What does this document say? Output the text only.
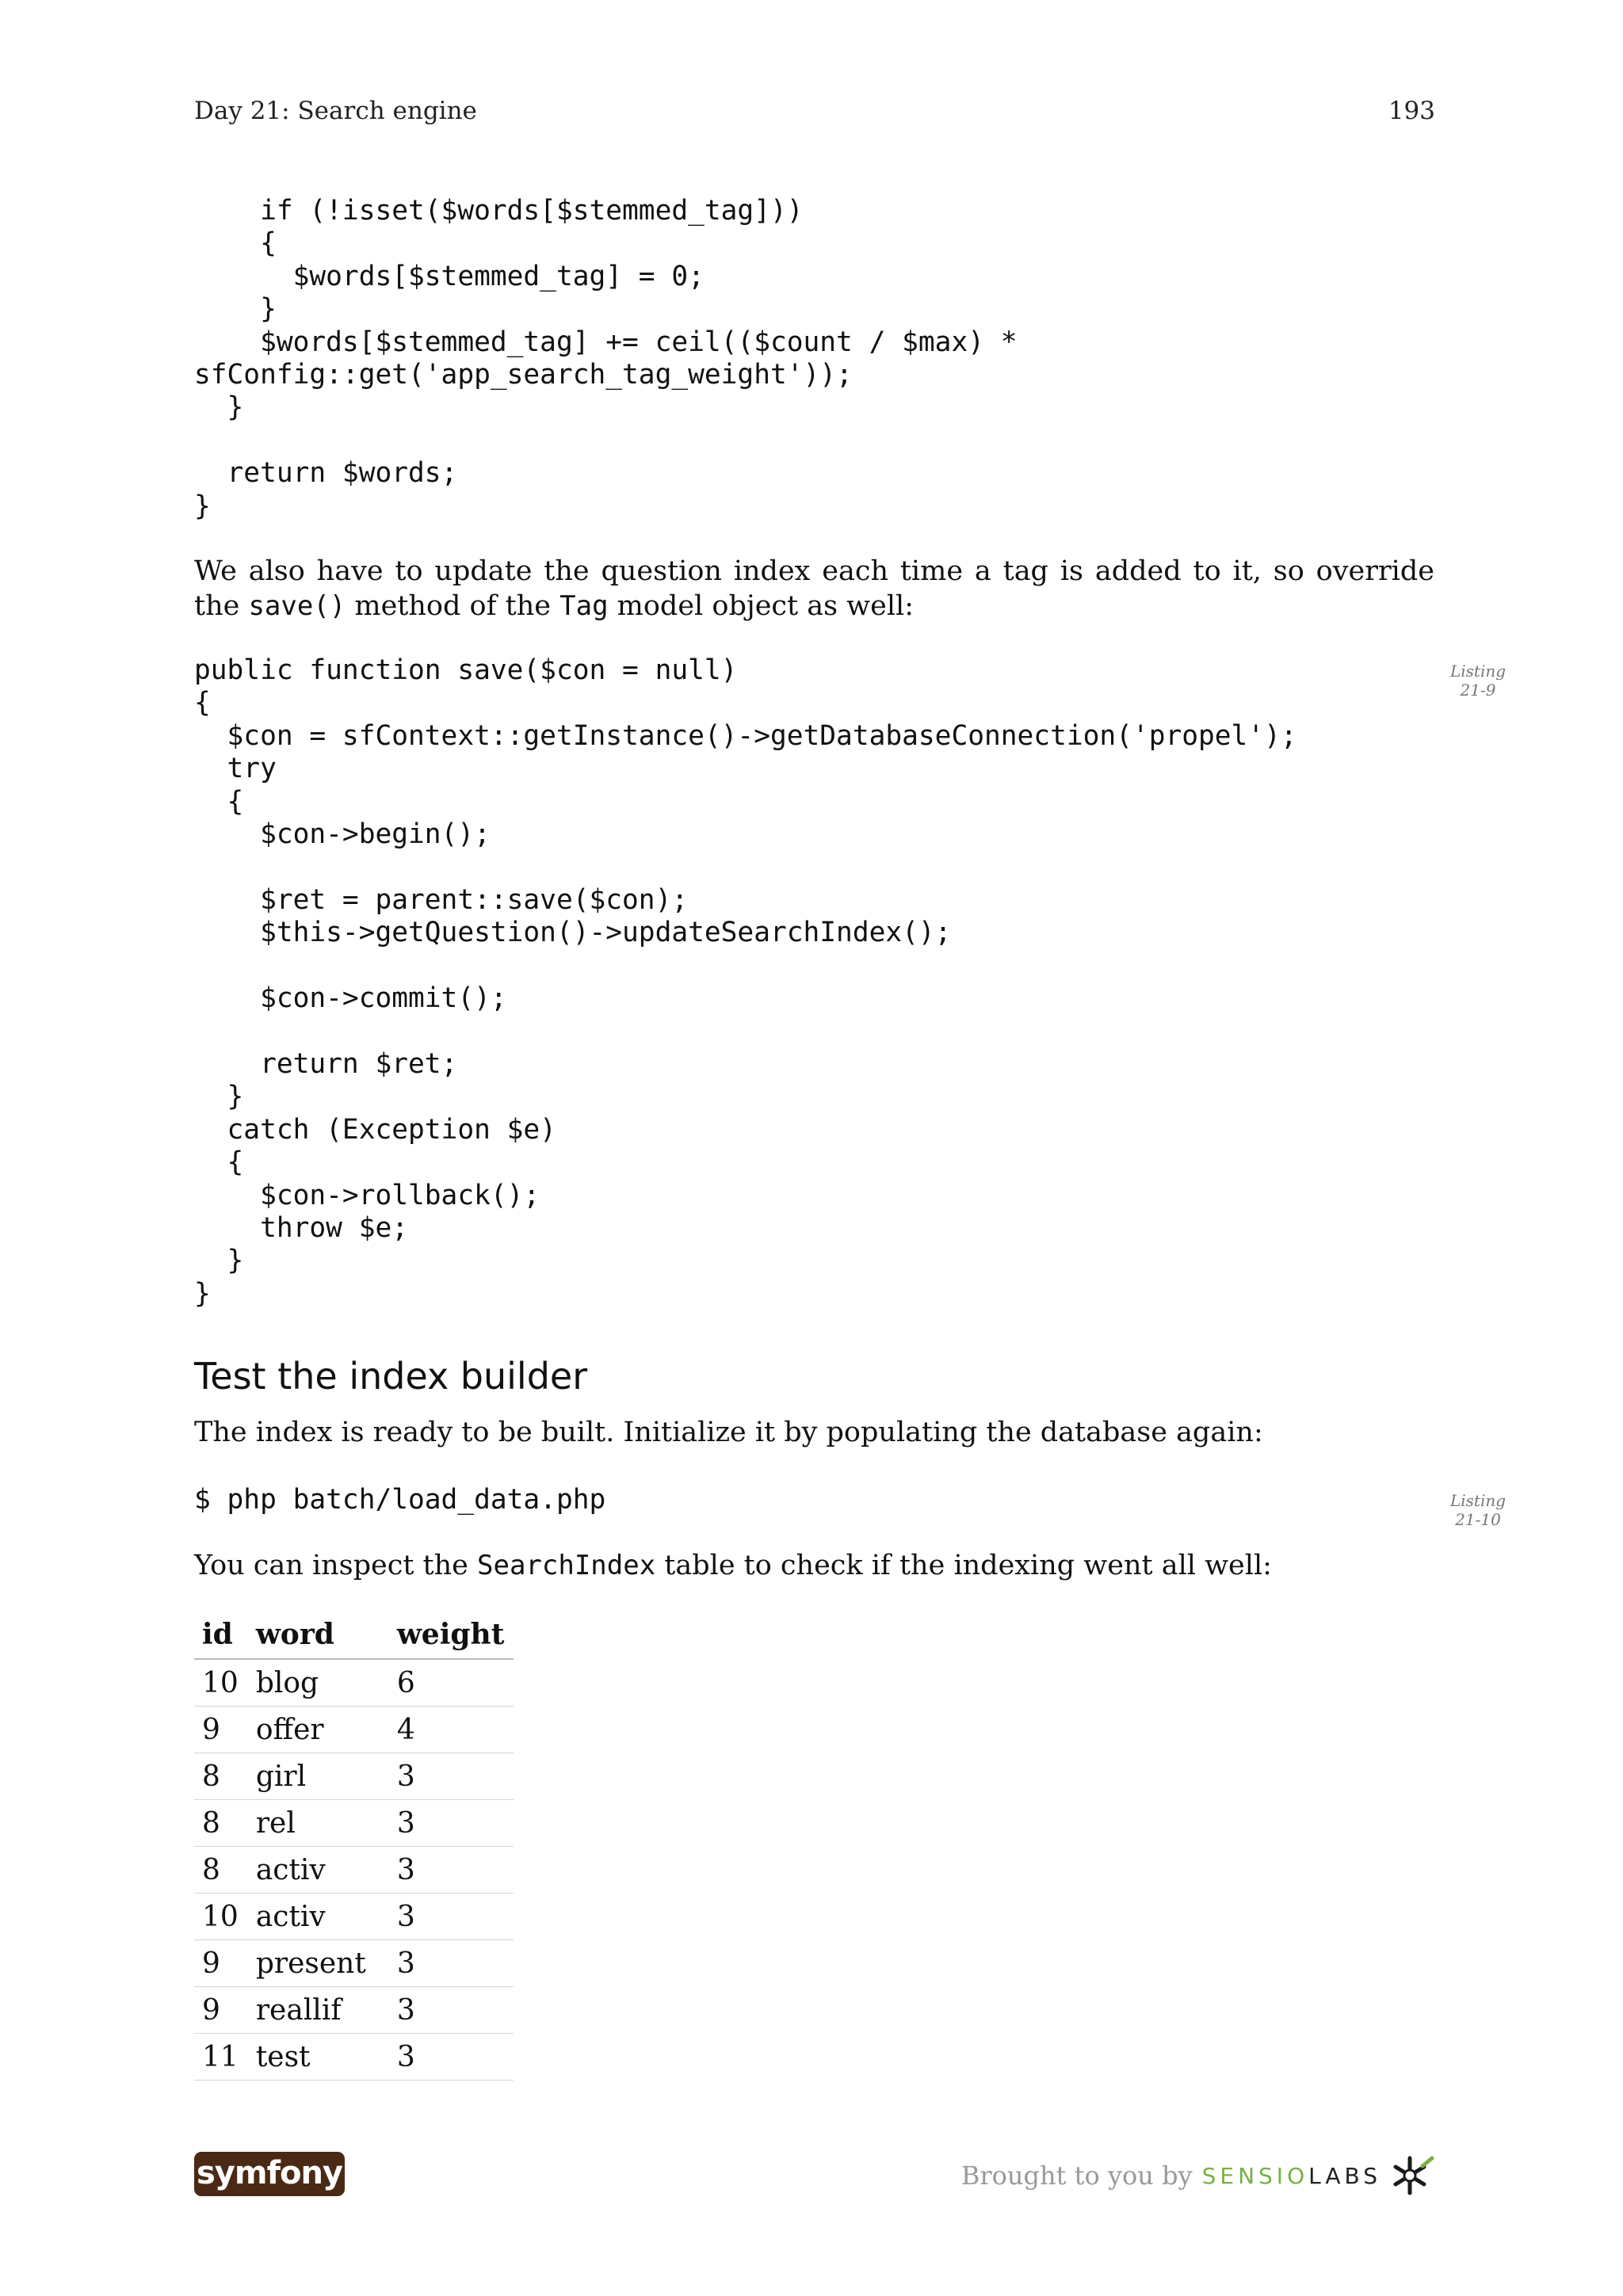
Day 21: Search engine	193
if (!isset($words[$stemmed_tag]))
{
$words[$stemmed_tag] = 0;
}
$words[$stemmed_tag] += ceil(($count / $max) *
sfConfig::get('app_search_tag_weight'));
}

return $words;
}

We also have to update the question index each time a tag is added to it, so override the save() method of the Tag model object as well:

Listing
21-9
public function save($con = null)
{
$con = sfContext::getInstance()->getDatabaseConnection('propel');
try
{
$con->begin();

$ret = parent::save($con);
$this->getQuestion()->updateSearchIndex();

$con->commit();

return $ret;
}
catch (Exception $e)
{
$con->rollback();
throw $e;
}
}
Test the index builder

The index is ready to be built. Initialize it by populating the database again:

Listing
21-10
$ php batch/load_data.php

You can inspect the SearchIndex table to check if the indexing went all well:

id	word	weight
10	blog	6
9	offer	4
8	girl	3
8	rel	3
8	activ	3
10	activ	3
9	present	3
9	reallif	3
11	test	3
symfony	Brought to you by SENSIOLABS
